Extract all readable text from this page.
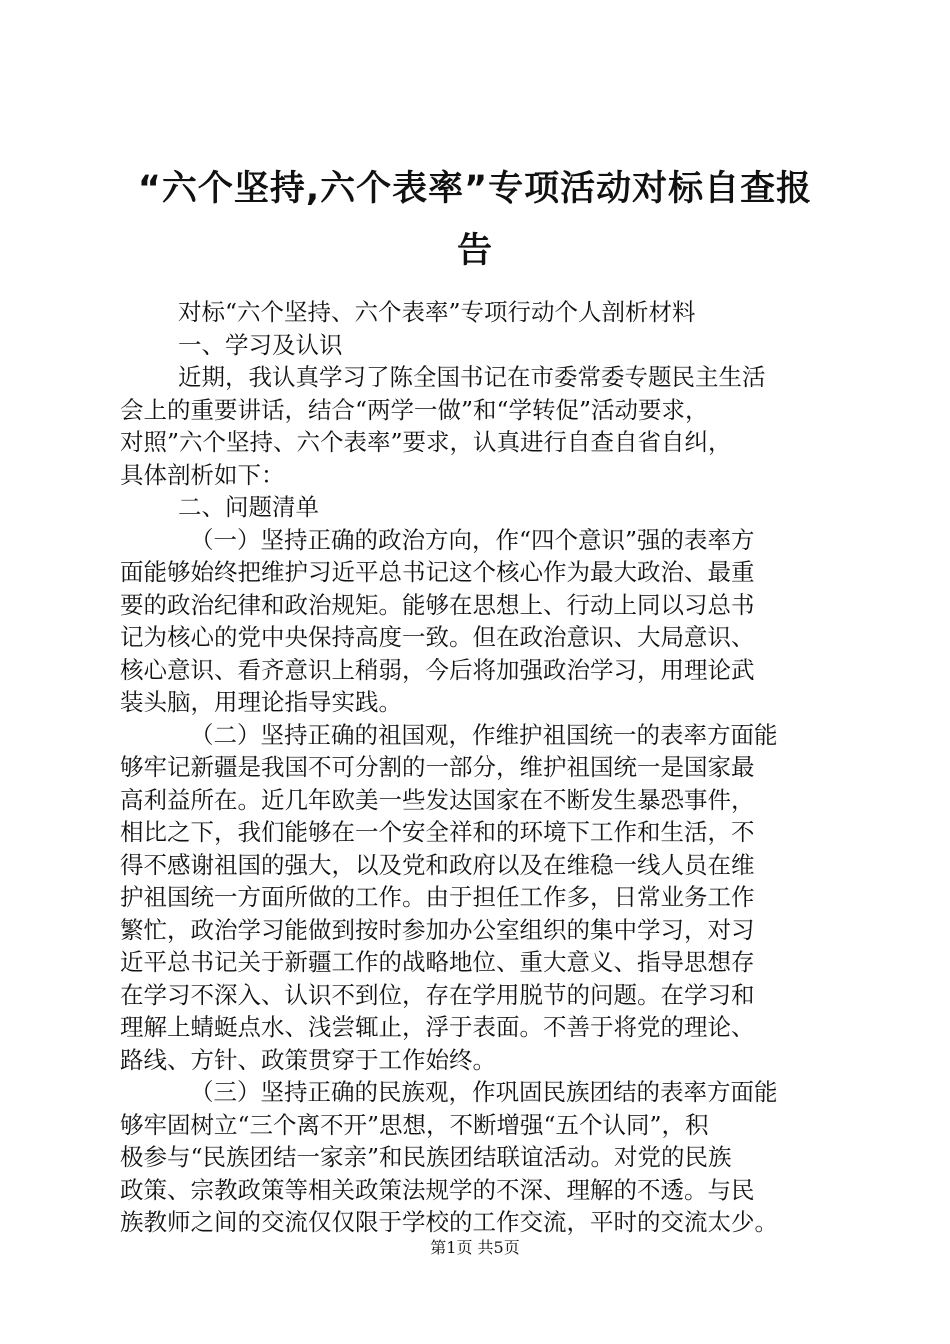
“六个坚持,六个表率”专项活动对标自查报
告
对标“六个坚持、六个表率”专项行动个人剖析材料
一、学习及认识
近期，我认真学习了陈全国书记在市委常委专题民主生活
会上的重要讲话，结合“两学一做”和“学转促”活动要求，
对照”六个坚持、六个表率”要求，认真进行自查自省自纠，
具体剖析如下：
二、问题清单
（一）坚持正确的政治方向，作“四个意识”强的表率方
面能够始终把维护习近平总书记这个核心作为最大政治、最重
要的政治纪律和政治规矩。能够在思想上、行动上同以习总书
记为核心的党中央保持高度一致。但在政治意识、大局意识、
核心意识、看齐意识上稍弱，今后将加强政治学习，用理论武
装头脑，用理论指导实践。
（二）坚持正确的祖国观，作维护祖国统一的表率方面能
够牢记新疆是我国不可分割的一部分，维护祖国统一是国家最
高利益所在。近几年欧美一些发达国家在不断发生暴恐事件，
相比之下，我们能够在一个安全祥和的环境下工作和生活，不
得不感谢祖国的强大，以及党和政府以及在维稳一线人员在维
护祖国统一方面所做的工作。由于担任工作多，日常业务工作
繁忙，政治学习能做到按时参加办公室组织的集中学习，对习
近平总书记关于新疆工作的战略地位、重大意义、指导思想存
在学习不深入、认识不到位，存在学用脱节的问题。在学习和
理解上蜻蜓点水、浅尝辄止，浮于表面。不善于将党的理论、
路线、方针、政策贯穿于工作始终。
（三）坚持正确的民族观，作巩固民族团结的表率方面能
够牢固树立“三个离不开”思想，不断增强“五个认同”，积
极参与“民族团结一家亲”和民族团结联谊活动。对党的民族
政策、宗教政策等相关政策法规学的不深、理解的不透。与民
族教师之间的交流仅仅限于学校的工作交流，平时的交流太少。
第1页 共5页
